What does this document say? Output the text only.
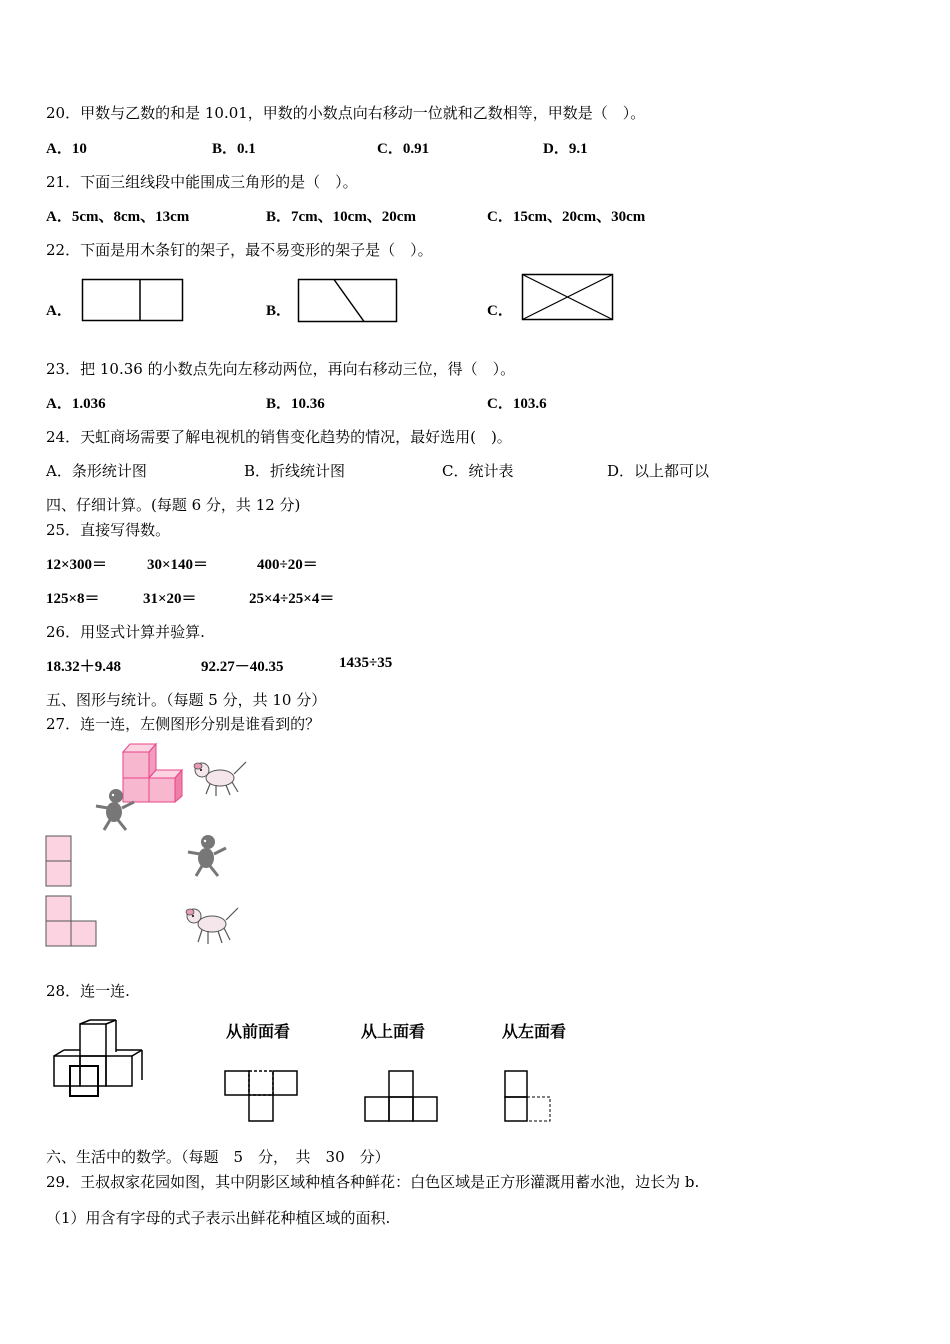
20．甲数与乙数的和是 10.01，甲数的小数点向右移动一位就和乙数相等，甲数是（　）。
A．10	B．0.1	C．0.91	D．9.1
21．下面三组线段中能围成三角形的是（　）。
A．5cm、8cm、13cm	B．7cm、10cm、20cm	C．15cm、20cm、30cm
22．下面是用木条钉的架子，最不易变形的架子是（　）。
A．	B．	C．
23．把 10.36 的小数点先向左移动两位，再向右移动三位，得（　）。
A．1.036	B．10.36	C．103.6
24．天虹商场需要了解电视机的销售变化趋势的情况，最好选用(　)。
A．条形统计图	B．折线统计图	C．统计表	D．以上都可以
四、仔细计算。(每题 6 分，共 12 分)
25．直接写得数。
12×300＝	30×140＝	400÷20＝
125×8＝	31×20＝	25×4÷25×4＝
26．用竖式计算并验算.
18.32＋9.48	92.27－40.35	1435÷35
五、图形与统计。（每题 5 分，共 10 分）
27．连一连，左侧图形分别是谁看到的？
28．连一连.
从前面看	从上面看	从左面看
六、生活中的数学。（每题　5　分，　共　30　分）
29．王叔叔家花园如图，其中阴影区域种植各种鲜花：白色区域是正方形灌溉用蓄水池，边长为 b.
（1）用含有字母的式子表示出鲜花种植区域的面积.
